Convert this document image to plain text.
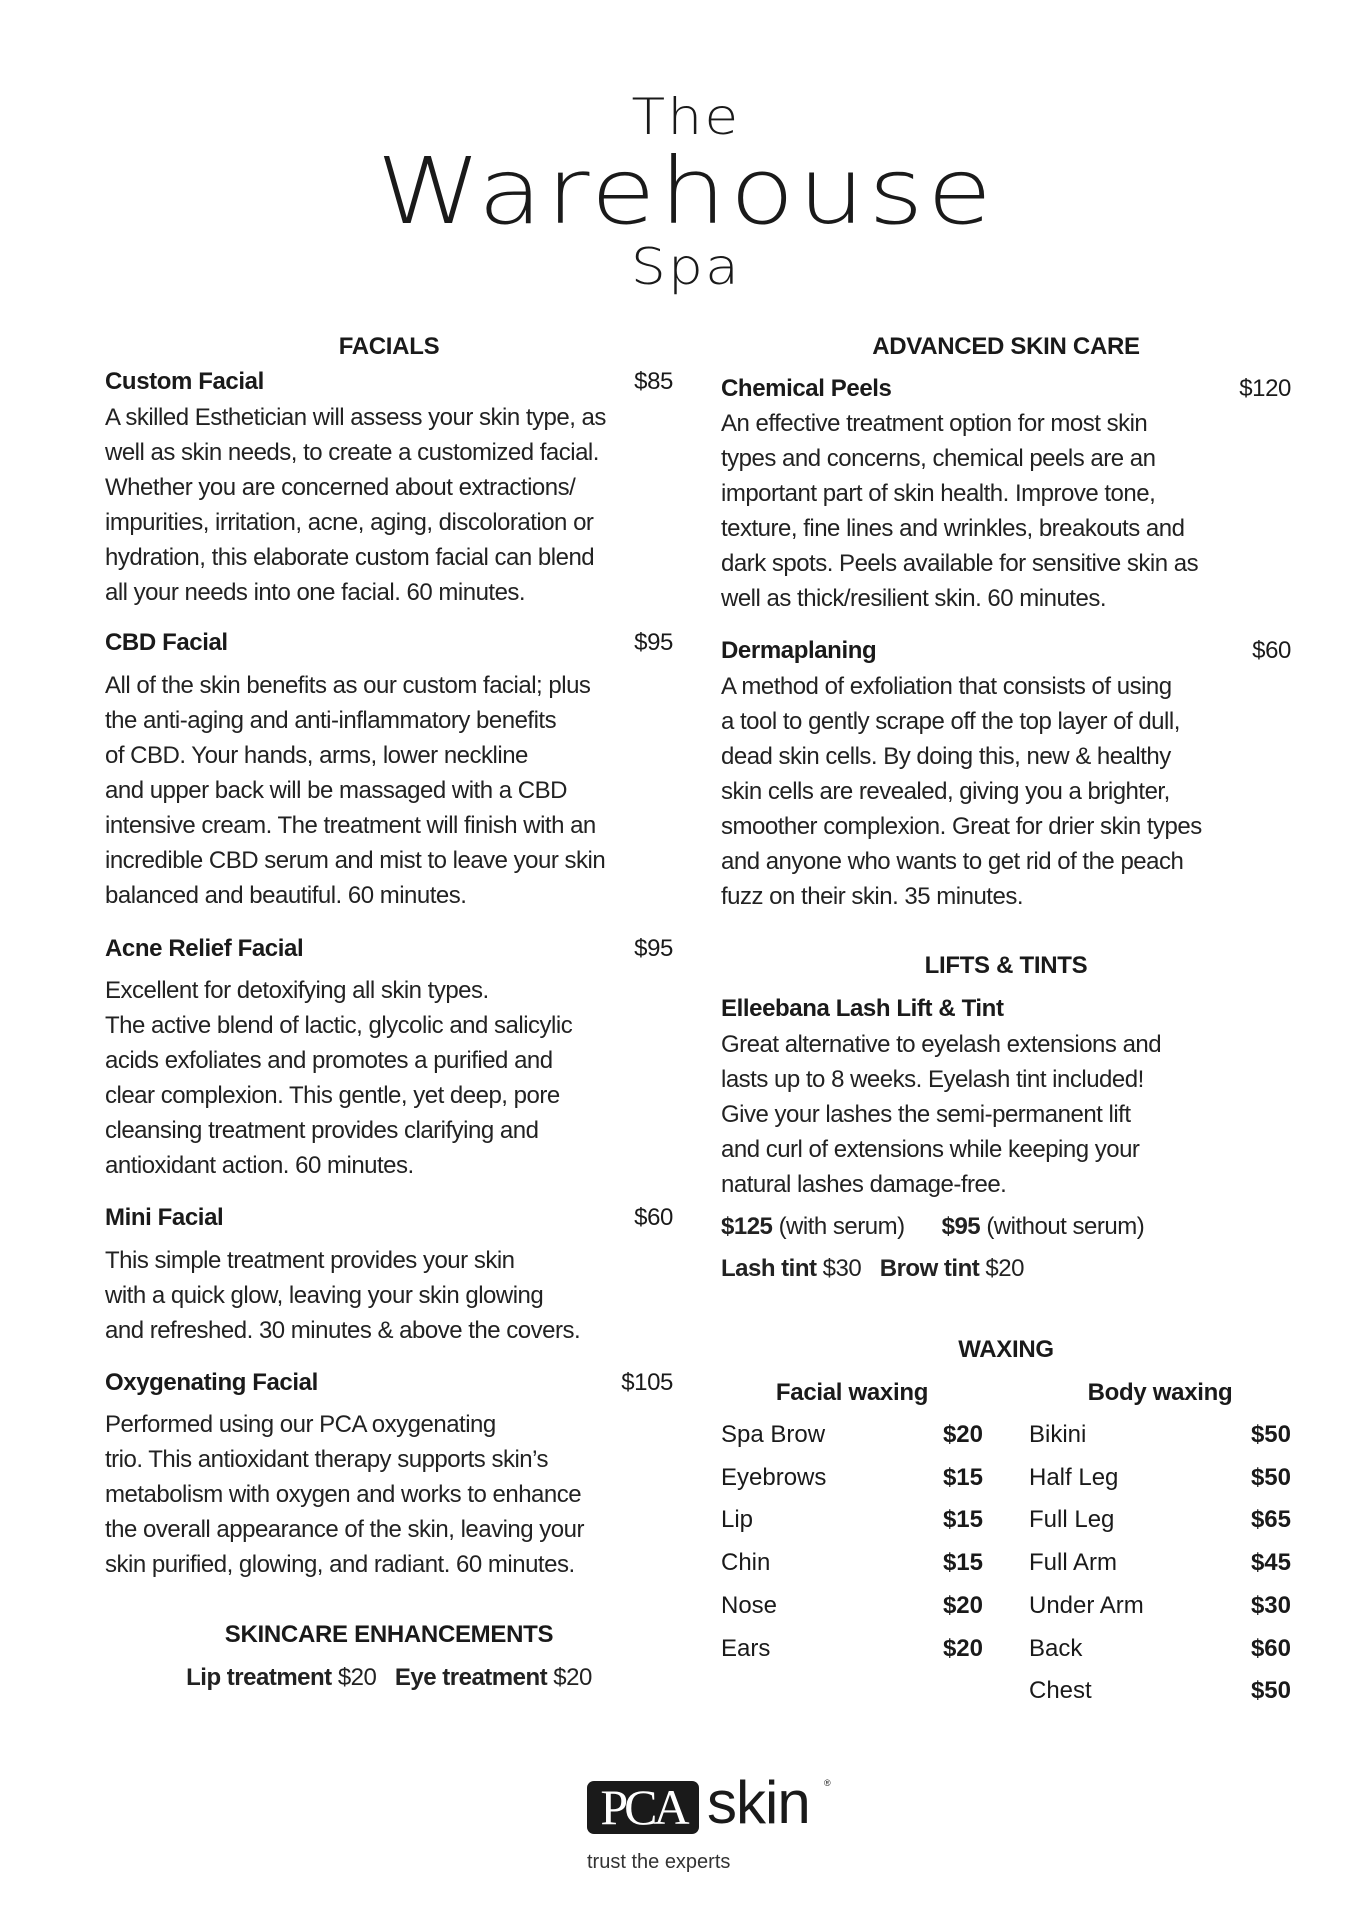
The
Warehouse
Spa
FACIALS
Custom Facial	$85
A skilled Esthetician will assess your skin type, as
well as skin needs, to create a customized facial.
Whether you are concerned about extractions/
impurities, irritation, acne, aging, discoloration or
hydration, this elaborate custom facial can blend
all your needs into one facial. 60 minutes.
CBD Facial	$95
All of the skin benefits as our custom facial; plus
the anti-aging and anti-inflammatory benefits
of CBD. Your hands, arms, lower neckline
and upper back will be massaged with a CBD
intensive cream. The treatment will finish with an
incredible CBD serum and mist to leave your skin
balanced and beautiful. 60 minutes.
Acne Relief Facial	$95
Excellent for detoxifying all skin types.
The active blend of lactic, glycolic and salicylic
acids exfoliates and promotes a purified and
clear complexion. This gentle, yet deep, pore
cleansing treatment provides clarifying and
antioxidant action. 60 minutes.
Mini Facial	$60
This simple treatment provides your skin
with a quick glow, leaving your skin glowing
and refreshed. 30 minutes & above the covers.
Oxygenating Facial	$105
Performed using our PCA oxygenating
trio. This antioxidant therapy supports skin’s
metabolism with oxygen and works to enhance
the overall appearance of the skin, leaving your
skin purified, glowing, and radiant. 60 minutes.
SKINCARE ENHANCEMENTS
Lip treatment $20 Eye treatment $20
ADVANCED SKIN CARE
Chemical Peels	$120
An effective treatment option for most skin
types and concerns, chemical peels are an
important part of skin health. Improve tone,
texture, fine lines and wrinkles, breakouts and
dark spots. Peels available for sensitive skin as
well as thick/resilient skin. 60 minutes.
Dermaplaning	$60
A method of exfoliation that consists of using
a tool to gently scrape off the top layer of dull,
dead skin cells. By doing this, new & healthy
skin cells are revealed, giving you a brighter,
smoother complexion. Great for drier skin types
and anyone who wants to get rid of the peach
fuzz on their skin. 35 minutes.
LIFTS & TINTS
Elleebana Lash Lift & Tint
Great alternative to eyelash extensions and
lasts up to 8 weeks. Eyelash tint included!
Give your lashes the semi-permanent lift
and curl of extensions while keeping your
natural lashes damage-free.
$125 (with serum) $95 (without serum)
Lash tint $30 Brow tint $20
WAXING
Facial waxing	Body waxing
Spa Brow	$20
Eyebrows	$15
Lip	$15
Chin	$15
Nose	$20
Ears	$20
Bikini	$50
Half Leg	$50
Full Leg	$65
Full Arm	$45
Under Arm	$30
Back	$60
Chest	$50
PCA skin ®
trust the experts
